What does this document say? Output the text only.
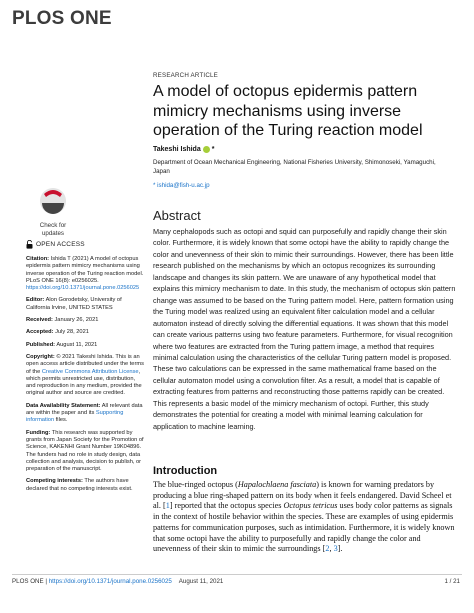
PLOS ONE
RESEARCH ARTICLE
A model of octopus epidermis pattern mimicry mechanisms using inverse operation of the Turing reaction model
Takeshi Ishida *
Department of Ocean Mechanical Engineering, National Fisheries University, Shimonoseki, Yamaguchi, Japan
* ishida@fish-u.ac.jp
Abstract

Many cephalopods such as octopi and squid can purposefully and rapidly change their skin color. Furthermore, it is widely known that some octopi have the ability to rapidly change the color and unevenness of their skin to mimic their surroundings. However, there has been little research published on the mechanisms by which an octopus recognizes its surrounding landscape and changes its skin pattern. We are unaware of any hypothetical model that explains this mimicry mechanism to date. In this study, the mechanism of octopus skin pattern change was assumed to be based on the Turing pattern model. Here, pattern formation using the Turing model was realized using an equivalent filter calculation model and a cellular automaton instead of directly solving the differential equations. It was shown that this model can create various patterns using two feature parameters. Furthermore, for visual recognition where two features are extracted from the Turing pattern image, a method that requires minimal calculation using the characteristics of the cellular Turing pattern model is proposed. These two calculations can be expressed in the same mathematical frame based on the cellular automaton model using a convolution filter. As a result, a model that is capable of extracting features from patterns and reconstructing those patterns rapidly can be created. This represents a basic model of the mimicry mechanism of octopi. Further, this study demonstrates the potential for creating a model with minimal learning calculation for application to machine learning.

Introduction

The blue-ringed octopus (Hapalochlaena fasciata) is known for warning predators by producing a blue ring-shaped pattern on its body when it feels endangered. David Scheel et al. [1] reported that the octopus species Octopus tetricus uses body color patterns as signals in the context of hostile behavior within the species. These are examples of using epidermis patterns for communication purposes, such as intimidation. Furthermore, it is widely known that some octopi have the ability to purposefully and rapidly change the color and unevenness of their skin to mimic the surroundings [2, 3].

Check for
updates
OPEN ACCESS
Citation: Ishida T (2021) A model of octopus epidermis pattern mimicry mechanisms using inverse operation of the Turing reaction model. PLoS ONE 16(8): e0256025. https://doi.org/10.1371/journal.pone.0256025
Editor: Alon Gorodetsky, University of California Irvine, UNITED STATES
Received: January 26, 2021
Accepted: July 28, 2021
Published: August 11, 2021
Copyright: © 2021 Takeshi Ishida. This is an open access article distributed under the terms of the Creative Commons Attribution License, which permits unrestricted use, distribution, and reproduction in any medium, provided the original author and source are credited.
Data Availability Statement: All relevant data are within the paper and its Supporting information files.
Funding: This research was supported by grants from Japan Society for the Promotion of Science, KAKENHI Grant Number 19K04896. The funders had no role in study design, data collection and analysis, decision to publish, or preparation of the manuscript.
Competing interests: The authors have declared that no competing interests exist.
PLOS ONE | https://doi.org/10.1371/journal.pone.0256025 August 11, 2021	1 / 21
